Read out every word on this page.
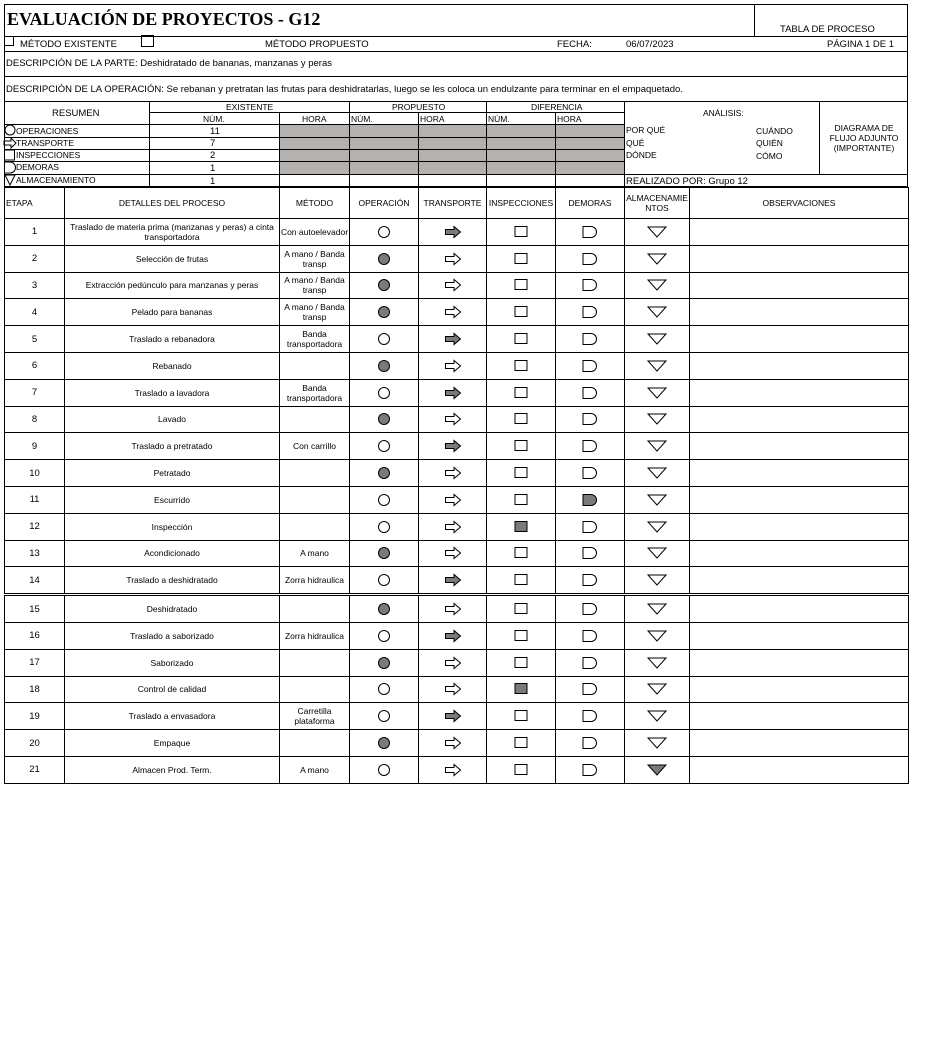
EVALUACIÓN DE PROYECTOS - G12
TABLA DE PROCESO
MÉTODO EXISTENTE	MÉTODO PROPUESTO	FECHA:	06/07/2023	PÁGINA 1 DE 1
DESCRIPCIÓN DE LA PARTE: Deshidratado de bananas, manzanas y peras
DESCRIPCIÓN DE LA OPERACIÓN: Se rebanan y pretratan las frutas para deshidratarlas, luego se les coloca un endulzante para terminar en el empaquetado.
RESUMEN
EXISTENTE	PROPUESTO	DIFERENCIA
NÚM.	HORA	NÚM.	HORA	NÚM.	HORA
OPERACIONES	11
TRANSPORTE	7
INSPECCIONES	2
DEMORAS	1
ALMACENAMIENTO	1
ANÁLISIS:
POR QUÉ
QUÉ
DÓNDE
CUÁNDO
QUIÉN
CÓMO
DIAGRAMA DE FLUJO ADJUNTO (IMPORTANTE)
REALIZADO POR: Grupo 12
ETAPA	DETALLES DEL PROCESO	MÉTODO	OPERACIÓN	TRANSPORTE	INSPECCIONES	DEMORAS	ALMACENAMIE NTOS	OBSERVACIONES
1	Traslado de materia prima (manzanas y peras) a cinta transportadora	Con autoelevador	

2	Selección de frutas	A mano / Banda transp	

3	Extracción pedúnculo para manzanas y peras	A mano / Banda transp	

4	Pelado para bananas	A mano / Banda transp	

5	Traslado a rebanadora	Banda transportadora	

6	Rebanado		

7	Traslado a lavadora	Banda transportadora	

8	Lavado		

9	Traslado a pretratado	Con carrillo	

10	Petratado		

11	Escurrido		

12	Inspección		

13	Acondicionado	A mano	

14	Traslado a deshidratado	Zorra hidraulica	

15	Deshidratado		

16	Traslado a saborizado	Zorra hidraulica	

17	Saborizado		

18	Control de calidad		

19	Traslado a envasadora	Carretilla plataforma	

20	Empaque		

21	Almacen Prod. Term.	A mano	
